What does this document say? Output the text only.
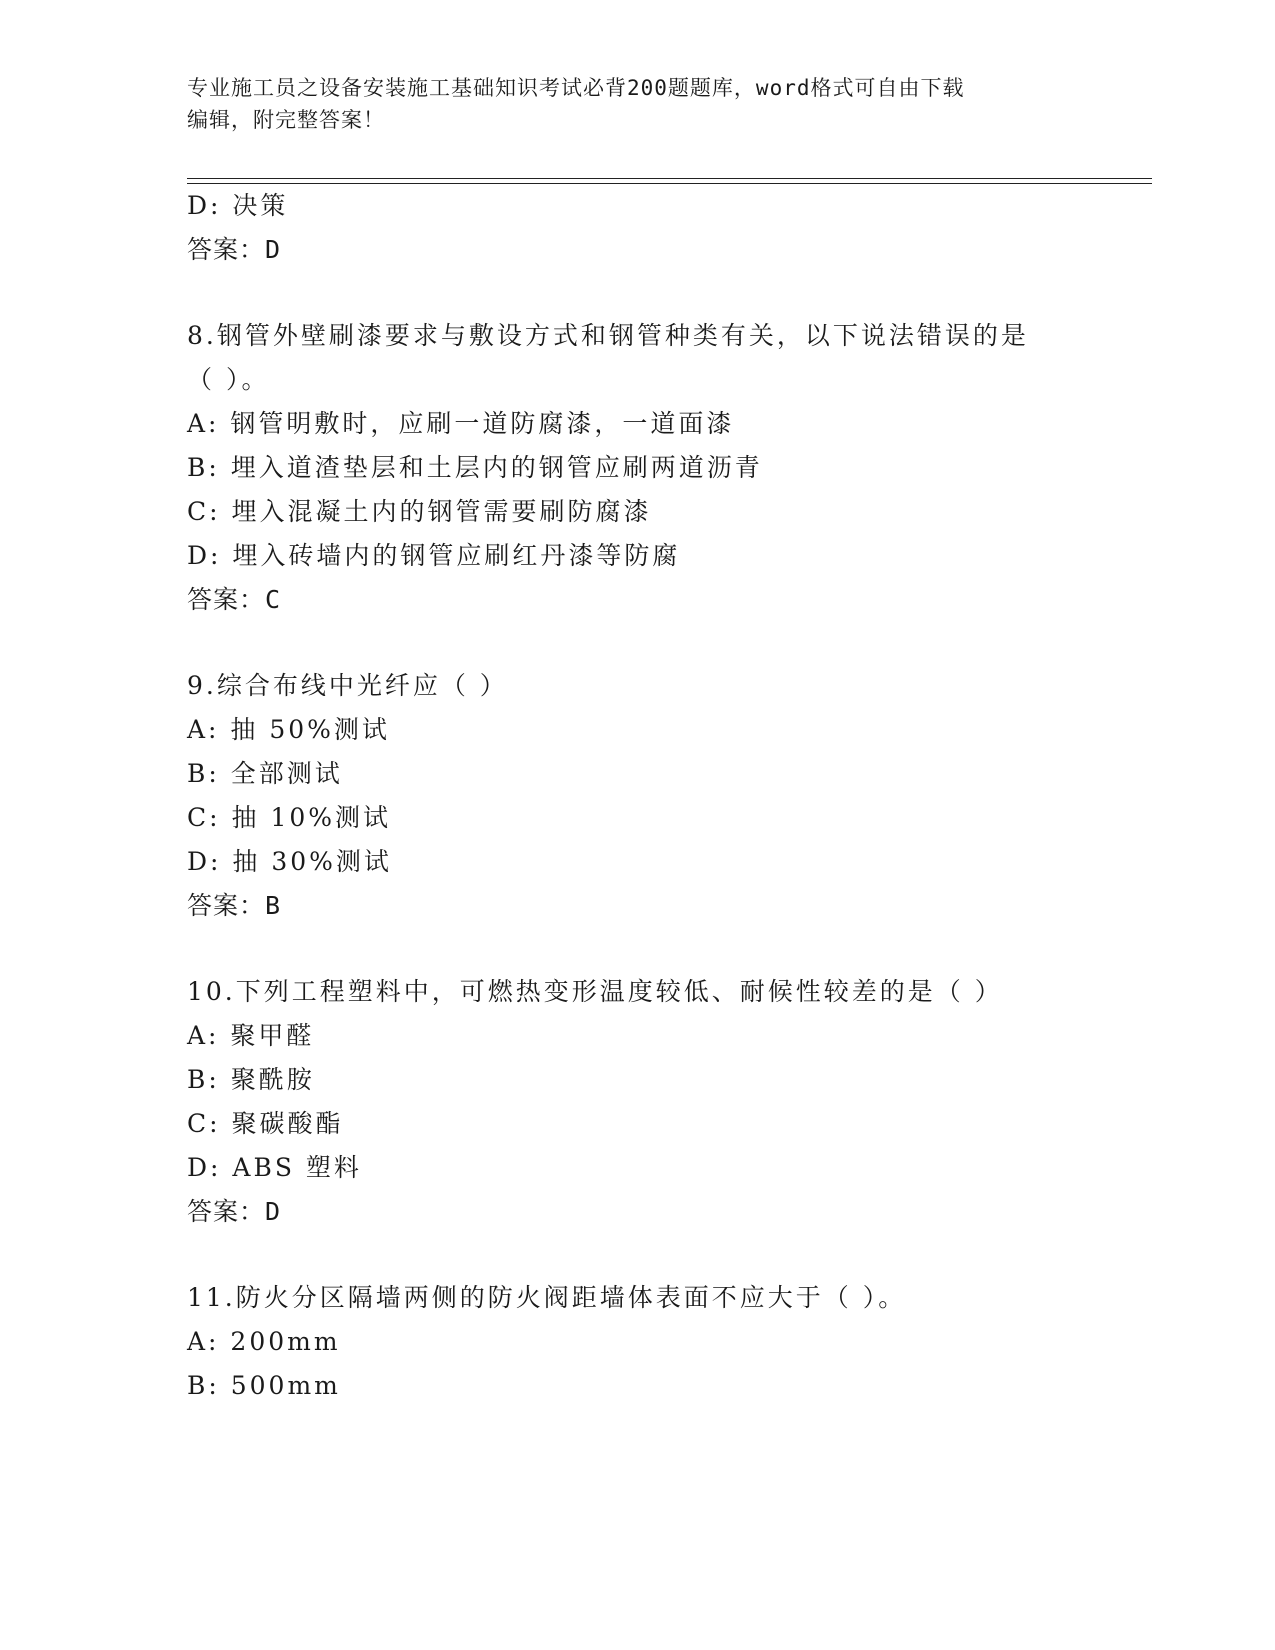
专业施工员之设备安装施工基础知识考试必背200题题库，word格式可自由下载
编辑，附完整答案！
D: 决策
答案：D
8.钢管外壁刷漆要求与敷设方式和钢管种类有关，以下说法错误的是
（ ）。
A: 钢管明敷时，应刷一道防腐漆，一道面漆
B: 埋入道渣垫层和土层内的钢管应刷两道沥青
C: 埋入混凝土内的钢管需要刷防腐漆
D: 埋入砖墙内的钢管应刷红丹漆等防腐
答案：C
9.综合布线中光纤应（ ）
A: 抽 50%测试
B: 全部测试
C: 抽 10%测试
D: 抽 30%测试
答案：B
10.下列工程塑料中，可燃热变形温度较低、耐候性较差的是（ ）
A: 聚甲醛
B: 聚酰胺
C: 聚碳酸酯
D: ABS 塑料
答案：D
11.防火分区隔墙两侧的防火阀距墙体表面不应大于（ ）。
A: 200mm
B: 500mm
